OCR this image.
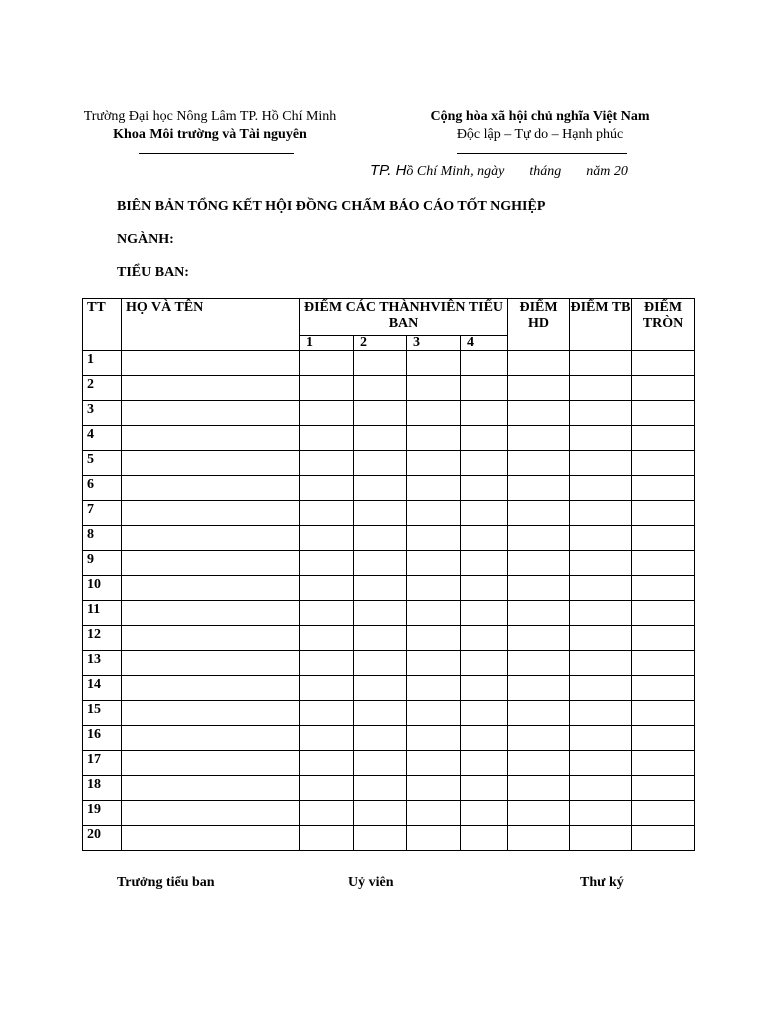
Trường Đại học Nông Lâm TP. Hồ Chí Minh
Khoa Môi trường và Tài nguyên
Cộng hòa xã hội chủ nghĩa Việt Nam
Độc lập – Tự do – Hạnh phúc
TP. Hồ Chí Minh, ngày tháng năm 20
BIÊN BẢN TỔNG KẾT HỘI ĐỒNG CHẤM BÁO CÁO TỐT NGHIỆP
NGÀNH:
TIỂU BAN:
TT	HỌ VÀ TÊN	ĐIỂM CÁC THÀNHVIÊN TIỂU BAN				ĐIỂM HD	ĐIỂM TB	ĐIỂM TRÒN
		1	2	3	4			
1								
2								
3								
4								
5								
6								
7								
8								
9								
10								
11								
12								
13								
14								
15								
16								
17								
18								
19								
20								
Trưởng tiểu ban	Uỷ viên	Thư ký
